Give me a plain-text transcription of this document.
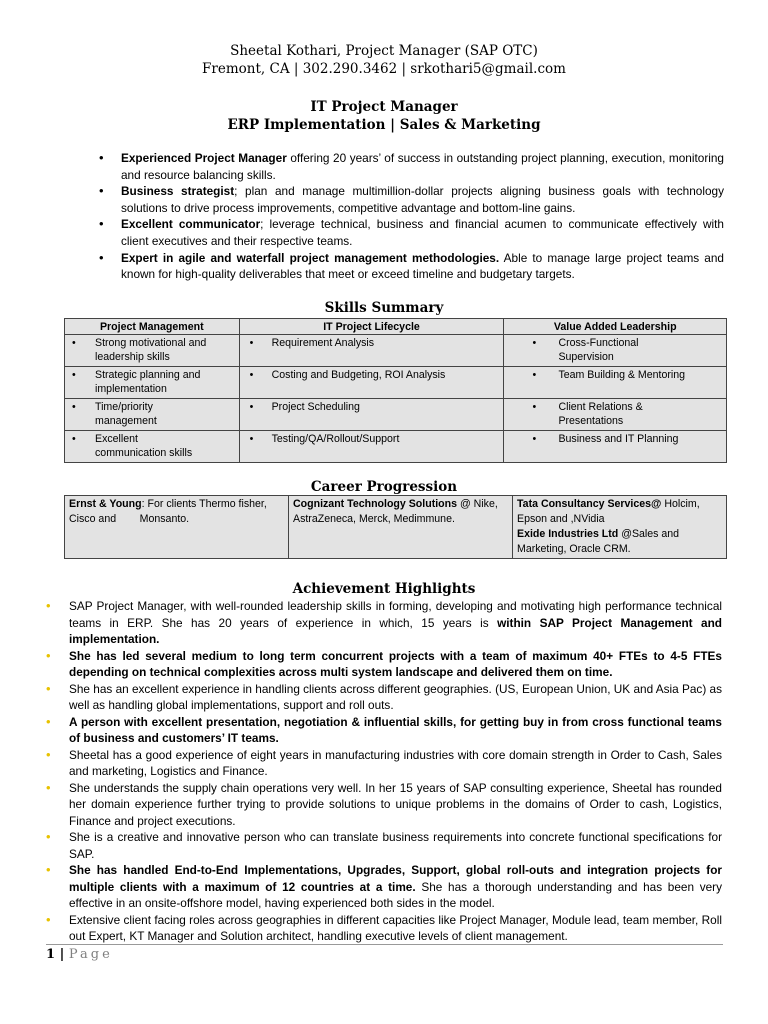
Sheetal Kothari, Project Manager (SAP OTC)
Fremont, CA | 302.290.3462 | srkothari5@gmail.com
IT Project Manager
ERP Implementation | Sales & Marketing
• Experienced Project Manager offering 20 years’ of success in outstanding project planning, execution, monitoring and resource balancing skills.
• Business strategist; plan and manage multimillion-dollar projects aligning business goals with technology solutions to drive process improvements, competitive advantage and bottom-line gains.
• Excellent communicator; leverage technical, business and financial acumen to communicate effectively with client executives and their respective teams.
• Expert in agile and waterfall project management methodologies. Able to manage large project teams and known for high-quality deliverables that meet or exceed timeline and budgetary targets.
Skills Summary
Project Management	IT Project Lifecycle	Value Added Leadership

• Strong motivational and leadership skills	• Requirement Analysis	• Cross-Functional Supervision

• Strategic planning and implementation	• Costing and Budgeting, ROI Analysis	• Team Building & Mentoring

• Time/priority management	• Project Scheduling	• Client Relations & Presentations

• Excellent communication skills	• Testing/QA/Rollout/Support	• Business and IT Planning
Career Progression
Ernst & Young: For clients Thermo fisher, Cisco and        Monsanto.	Cognizant Technology Solutions @ Nike, AstraZeneca, Merck, Medimmune.	Tata Consultancy Services@ Holcim, Epson and ,NVidia
Exide Industries Ltd @Sales and Marketing, Oracle CRM.
Achievement Highlights
• SAP Project Manager, with well-rounded leadership skills in forming, developing and motivating high performance technical teams in ERP. She has 20 years of experience in which, 15 years is within SAP Project Management and implementation.
• She has led several medium to long term concurrent projects with a team of maximum 40+ FTEs to 4-5 FTEs depending on technical complexities across multi system landscape and delivered them on time.
• She has an excellent experience in handling clients across different geographies. (US, European Union, UK and Asia Pac) as well as handling global implementations, support and roll outs.
• A person with excellent presentation, negotiation & influential skills, for getting buy in from cross functional teams of business and customers’ IT teams.
• Sheetal has a good experience of eight years in manufacturing industries with core domain strength in Order to Cash, Sales and marketing, Logistics and Finance.
• She understands the supply chain operations very well. In her 15 years of SAP consulting experience, Sheetal has rounded her domain experience further trying to provide solutions to unique problems in the domains of Order to cash, Logistics, Finance and project executions.
• She is a creative and innovative person who can translate business requirements into concrete functional specifications for SAP.
• She has handled End-to-End Implementations, Upgrades, Support, global roll-outs and integration projects for multiple clients with a maximum of 12 countries at a time. She has a thorough understanding and has been very effective in an onsite-offshore model, having experienced both sides in the model.
• Extensive client facing roles across geographies in different capacities like Project Manager, Module lead, team member, Roll out Expert, KT Manager and Solution architect, handling executive levels of client management.
1 | Page
